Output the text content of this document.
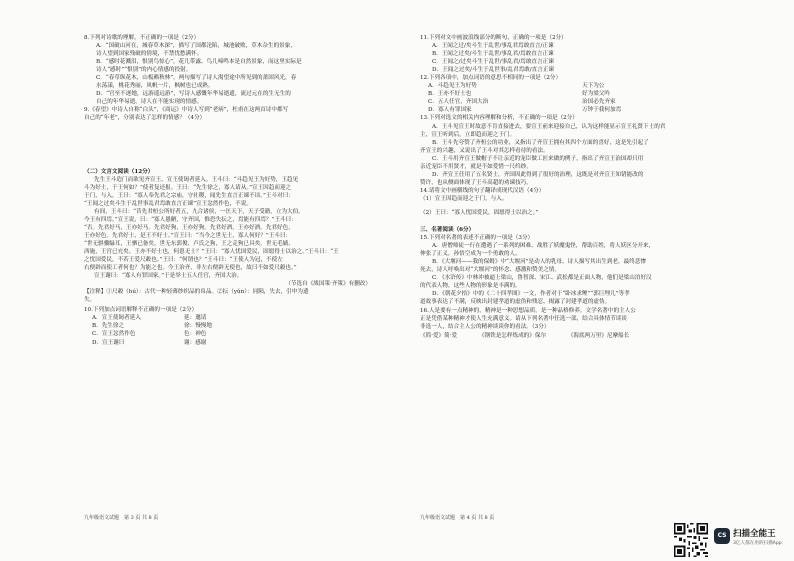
8.下列对诗歌的理解，不正确的一项是（2分）
A．“国破山河在，城春草木深”，描写了国都沦陷，城池破败，草木杂生的景象，
诗人望到国家残破的情境，不禁忧愁满怀。
B．“感时花溅泪，恨别鸟惊心”，花儿带露、鸟儿啼鸣本是自然景象，而这里实际是
诗人“感时”“恨别”的内心情感的投射。
C．“春草纵花木，山板赖秋林”，两句描写了诗人渴望途中所见到的萧固风光，春
水荡漾，桃花秀丽，风帆一片，枫树也已成熟。
D．“官至不逐她，远游遥远游”，写诗人感慨年华易逝遗，流过元在的生无生的
自己的年华易逝，诗人在不能实现的情感。
9.《春望》中诗人自称“白头”，《商运》中诗人写到“老病”，杜甫在这两首诗中都写
自己的“年老”，分别表达了怎样的情感？（4分）
（二）文言文阅读（12分）
先生王斗造门而欲见齐宣王，宣王使谒者延入。王斗曰：“斗趋见王为好势，王趋见
斗为好士，于王何如？”使者复还报。王曰：“先生徐之，寡人请从。”宣王因趋而迎之
于门，与入，王曰：“寡人奉先君之宗庙，守社稷，闻先生直言正谏不讳。”王斗对曰：
“王闻之过矣斗生于乱世事乱君焉敢直言正谏”宣王忿然作色，不说。
有间，王斗曰：“昔先君桓公所好者五，九合诸侯，一匡天下，天子受籍，立为大伯。
今王有四焉。”宣王说，曰：“寡人愚陋，守齐国，惟恐失抎之，焉能有四焉？”王斗曰：
“否。先君好马，王亦好马。先君好狗，王亦好狗。先君好酒，王亦好酒。先君好色，
王亦好色。先君好士，是王不好士。”宣王曰：“当今之世无士，寡人何好？”王斗曰：
“世无骐骥騄耳，王驷已备矣。世无东郭俊、卢氏之狗，王之走狗已具矣。世无毛嫱、
西施，王宫已充矣。王亦不好士也，何患无士？”王曰：“寡人忧国爱民，固愿得士以治之。”王斗曰：“王
之忧国爱民，不若王爱尺縠也。”王曰：“何谓也？”王斗曰：“王使人为冠，不使左
右便辟而使工者何也？为能之也。今王治齐，非左右便辟无使也，故曰不如爱尺縠也。”
宣王谢曰：“寡人有罪国家。”于是举士五人任官，齐国大治。
（节选自《战国策·齐策》有删改）
【注释】①尺縠（hú）：古代一种轻薄纱织品的帛品。②抎（yǔn）：同陨，失去，引申为遗
失。
10.下列加点词语解释不正确的一项是（2分）
A．宣王使谒者延入	延：邀请
B．先生徐之	徐：慢慢地
C．宣王忿然作色	色：神色
D．宣王谢曰	谢：感谢
九年级语文试题　第 3 页 共 8 页
11.下列对文中画波浪线部分的断句，正确的一项是（2分）
A．王闻之过/矣斗生于乱世/事乱君焉敢直言/正谏
B．王闻之过矣/斗生于乱世/事乱君/焉敢直言正谏
C．王闻之/过矣斗生于乱世/事乱君/焉敢直言正谏
D．王闻之过矣/斗生于乱世事/乱君焉敢/直言正谏
12.下列各项中，加点词语的意思不相同的一项是（2分）
A．斗趋见王为好势	天下为公
B．王亦不好士也	好为梁父吟
C．五人任官，齐国大治	治国必先齐家
D．寡人有罪国家	万钟于我何加焉
13.下列对选文的相关内容理解和分析，不正确的一项是（2分）
A．王斗见宣王时故意不肯直接进去，要宣王前来迎接自己，认为这样能显示宣王礼贤下士的君
主，宣王听到后，立即趋而迎之于门。
B．王斗先夸赞了齐桓公的功业，又指出了齐宣王拥有其四个方面的喜好，这是先引起了
齐宣王的兴趣，又说出了王斗对其怎样看待的看法。
C．王斗用齐宣王做帽子不让亲近的宠臣做工匠来做的例子，指出了齐宣王治国却只用
亲近宠臣不用贤才，就是不如爱惜一尺绉纱。
D．齐宣王任用了五名贤士，齐国因此得到了很好的治理，这既是对齐宣王知错能改的
赞许，也从侧面体现了王斗高超的劝谏技巧。
14.请将文中画横线的句子翻译成现代汉语（4分）
（1）宣王因趋而迎之于门，与入。
（2）王曰：“寡人忧国爱民，固愿得士以治之。”
三、名著阅读（6分）
15.下列对名著的表述不正确的一项是（3分）
A．唐僧师徒一行在遭遇了一系列的困难、战胜了妖魔鬼怪，帮助百姓，将人妖区分开来，
伸张了正义，孙悟空成为一个勇敢的人。
B．《大堰河——我的保姆》中“大堰河”是动人的乳母，诗人描写其出生到老，最终悲惨
死去，诗人呼唤出对“大堰河”的怀念、感激和赞美之情。
C．《水浒传》中林冲被逼上梁山，鲁智深、宋江、武松都是正面人物，他们是梁山泊好汉
的代表人物，这些人物的形象是丰满的。
D．《朝花夕拾》中的《二十四孝图》一文，作者对于“卧冰求鲤”“郭巨埋儿”等孝
道故事表达了不满，反映出封建孝道的虚伪和残忍，揭露了封建孝道的虚伪。
16.人是要有一点精神的，精神是一种思想品质，是一种品格修养。文学名著中的主人公
正是凭借某种精神才使人生充满意义。请从下列名著中任选一部，结合具体情节谈谈
非选一人，结合主人公的精神谈谈你的看法。（3分）
《简·爱》简·爱	《钢铁是怎样炼成的》保尔	《海底两万里》尼摩船长
九年级语文试题　第 4 页 共 8 页
CS 扫描全能王
3亿人都在用的扫描App
